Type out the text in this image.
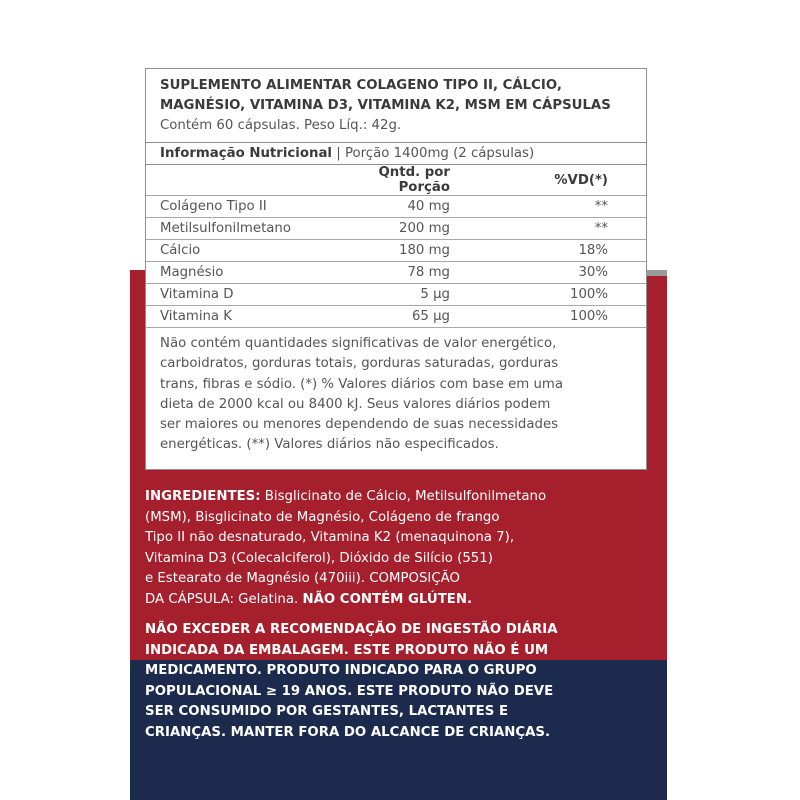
SUPLEMENTO ALIMENTAR COLAGENO TIPO II, CÁLCIO,
MAGNÉSIO, VITAMINA D3, VITAMINA K2, MSM EM CÁPSULAS
Contém 60 cápsulas. Peso Líq.: 42g.
Informação Nutricional | Porção 1400mg (2 cápsulas)
	Qntd. por Porção	%VD(*)
Colágeno Tipo II	40 mg	**
Metilsulfonilmetano	200 mg	**
Cálcio	180 mg	18%
Magnésio	78 mg	30%
Vitamina D	5 µg	100%
Vitamina K	65 µg	100%
Não contém quantidades significativas de valor energético,
carboidratos, gorduras totais, gorduras saturadas, gorduras
trans, fibras e sódio. (*) % Valores diários com base em uma
dieta de 2000 kcal ou 8400 kJ. Seus valores diários podem
ser maiores ou menores dependendo de suas necessidades
energéticas. (**) Valores diários não especificados.
INGREDIENTES: Bisglicinato de Cálcio, Metilsulfonilmetano
(MSM), Bisglicinato de Magnésio, Colágeno de frango
Tipo II não desnaturado, Vitamina K2 (menaquinona 7),
Vitamina D3 (Colecalciferol), Dióxido de Silício (551)
e Estearato de Magnésio (470iii). COMPOSIÇÃO
DA CÁPSULA: Gelatina. NÃO CONTÉM GLÚTEN.
NÃO EXCEDER A RECOMENDAÇÃO DE INGESTÃO DIÁRIA
INDICADA DA EMBALAGEM. ESTE PRODUTO NÃO É UM
MEDICAMENTO. PRODUTO INDICADO PARA O GRUPO
POPULACIONAL ≥ 19 ANOS. ESTE PRODUTO NÃO DEVE
SER CONSUMIDO POR GESTANTES, LACTANTES E
CRIANÇAS. MANTER FORA DO ALCANCE DE CRIANÇAS.
